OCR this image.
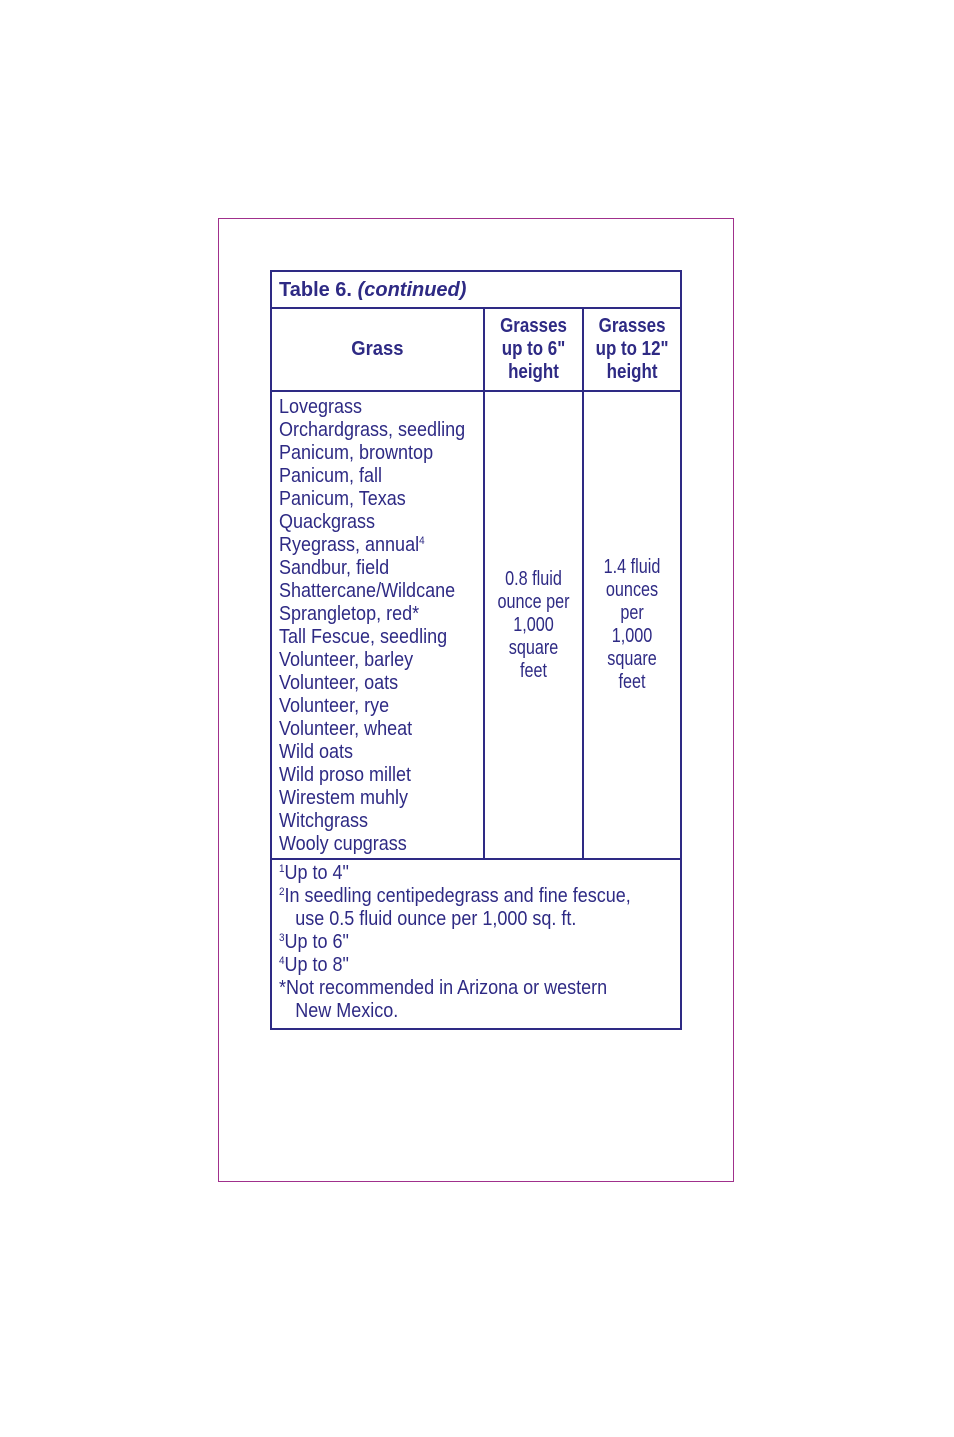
Table 6. (continued)
Grass
Grasses
up to 6"
height
Grasses
up to 12"
height
Lovegrass
Orchardgrass, seedling
Panicum, browntop
Panicum, fall
Panicum, Texas
Quackgrass
Ryegrass, annual$^4$
Sandbur, field
Shattercane/Wildcane
Sprangletop, red*
Tall Fescue, seedling
Volunteer, barley
Volunteer, oats
Volunteer, rye
Volunteer, wheat
Wild oats
Wild proso millet
Wirestem muhly
Witchgrass
Wooly cupgrass
0.8 fluid
ounce per
1,000
square
feet
1.4 fluid
ounces
per
1,000
square
feet
$^1$Up to 4"
$^2$In seedling centipedegrass and fine fescue,
use 0.5 fluid ounce per 1,000 sq. ft.
$^3$Up to 6"
$^4$Up to 8"
*Not recommended in Arizona or western
New Mexico.
